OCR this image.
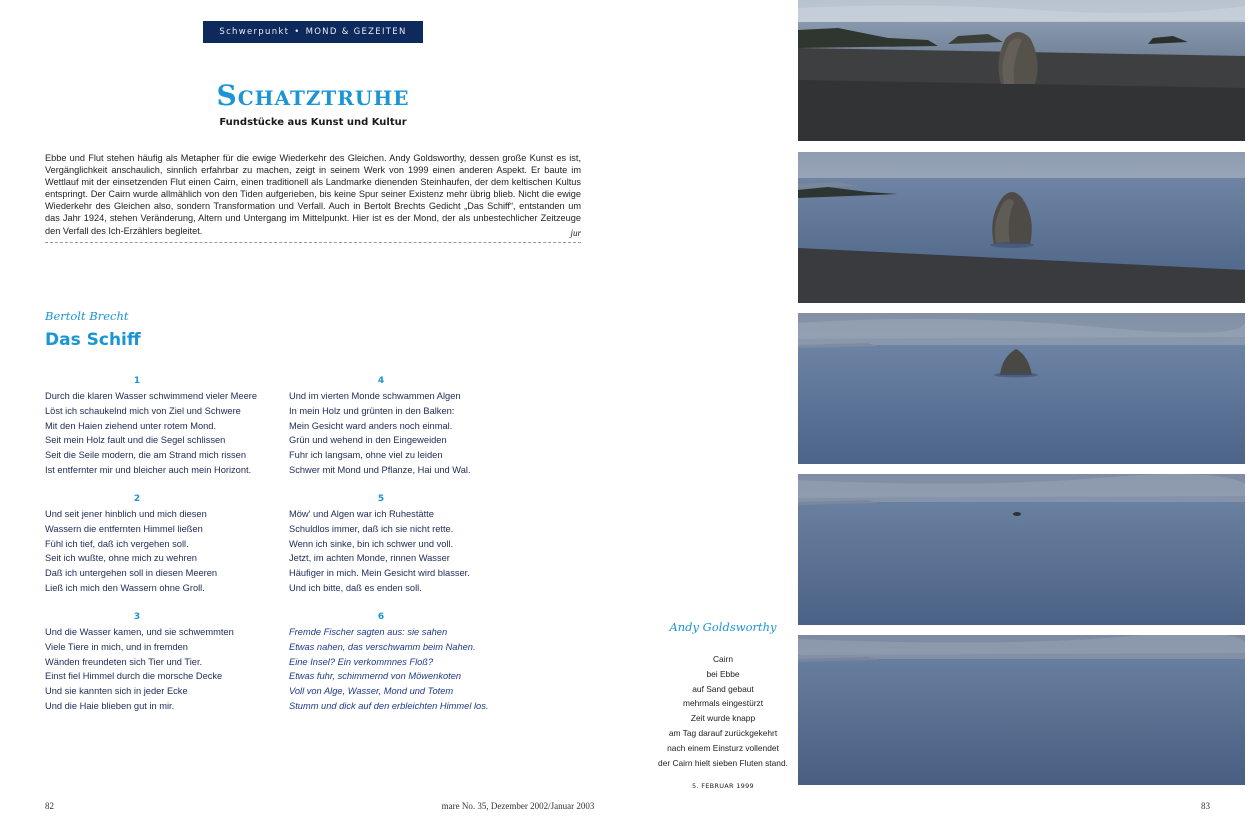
Schwerpunkt • MOND & GEZEITEN
Schatztruhe
Fundstücke aus Kunst und Kultur

Ebbe und Flut stehen häufig als Metapher für die ewige Wiederkehr des Gleichen. Andy Goldsworthy, dessen große Kunst es ist, Vergänglichkeit anschaulich, sinnlich erfahrbar zu machen, zeigt in seinem Werk von 1999 einen anderen Aspekt. Er baute im Wettlauf mit der einsetzenden Flut einen Cairn, einen traditionell als Landmarke dienenden Steinhaufen, der dem keltischen Kultus entspringt. Der Cairn wurde allmählich von den Tiden aufgerieben, bis keine Spur seiner Existenz mehr übrig blieb. Nicht die ewige Wiederkehr des Gleichen also, sondern Transformation und Verfall. Auch in Bertolt Brechts Gedicht „Das Schiff“, entstanden um das Jahr 1924, stehen Veränderung, Altern und Untergang im Mittelpunkt. Hier ist es der Mond, der als unbestechlicher Zeitzeuge den Verfall des Ich-Erzählers begleitet.	jur
Bertolt Brecht
Das Schiff
1
Durch die klaren Wasser schwimmend vieler Meere
Löst ich schaukelnd mich von Ziel und Schwere
Mit den Haien ziehend unter rotem Mond.
Seit mein Holz fault und die Segel schlissen
Seit die Seile modern, die am Strand mich rissen
Ist entfernter mir und bleicher auch mein Horizont.
2
Und seit jener hinblich und mich diesen
Wassern die entfernten Himmel ließen
Fühl ich tief, daß ich vergehen soll.
Seit ich wußte, ohne mich zu wehren
Daß ich untergehen soll in diesen Meeren
Ließ ich mich den Wassern ohne Groll.
3
Und die Wasser kamen, und sie schwemmten
Viele Tiere in mich, und in fremden
Wänden freundeten sich Tier und Tier.
Einst fiel Himmel durch die morsche Decke
Und sie kannten sich in jeder Ecke
Und die Haie blieben gut in mir.
4
Und im vierten Monde schwammen Algen
In mein Holz und grünten in den Balken:
Mein Gesicht ward anders noch einmal.
Grün und wehend in den Eingeweiden
Fuhr ich langsam, ohne viel zu leiden
Schwer mit Mond und Pflanze, Hai und Wal.
5
Möw' und Algen war ich Ruhestätte
Schuldlos immer, daß ich sie nicht rette.
Wenn ich sinke, bin ich schwer und voll.
Jetzt, im achten Monde, rinnen Wasser
Häufiger in mich. Mein Gesicht wird blasser.
Und ich bitte, daß es enden soll.
6
Fremde Fischer sagten aus: sie sahen
Etwas nahen, das verschwamm beim Nahen.
Eine Insel? Ein verkommnes Floß?
Etwas fuhr, schimmernd von Möwenkoten
Voll von Alge, Wasser, Mond und Totem
Stumm und dick auf den erbleichten Himmel los.
Andy Goldsworthy
Cairn
bei Ebbe
auf Sand gebaut
mehrmals eingestürzt
Zeit wurde knapp
am Tag darauf zurückgekehrt
nach einem Einsturz vollendet
der Cairn hielt sieben Fluten stand.
5. FEBRUAR 1999
82	mare No. 35, Dezember 2002/Januar 2003	83
